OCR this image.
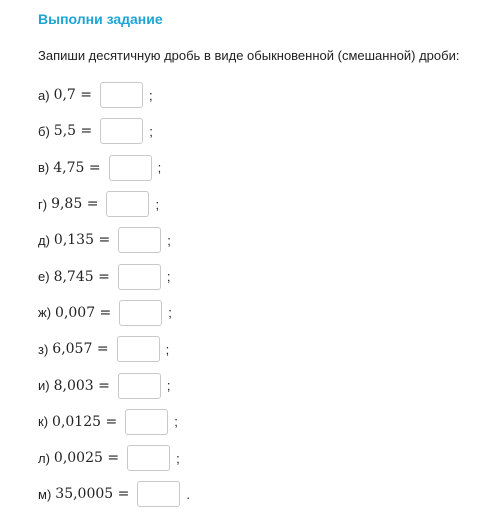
Выполни задание
Запиши десятичную дробь в виде обыкновенной (смешанной) дроби:
а) 0,7 =	;
б) 5,5 =	;
в) 4,75 =	;
г) 9,85 =	;
д) 0,135 =	;
е) 8,745 =	;
ж) 0,007 =	;
з) 6,057 =	;
и) 8,003 =	;
к) 0,0125 =	;
л) 0,0025 =	;
м) 35,0005 =	.
